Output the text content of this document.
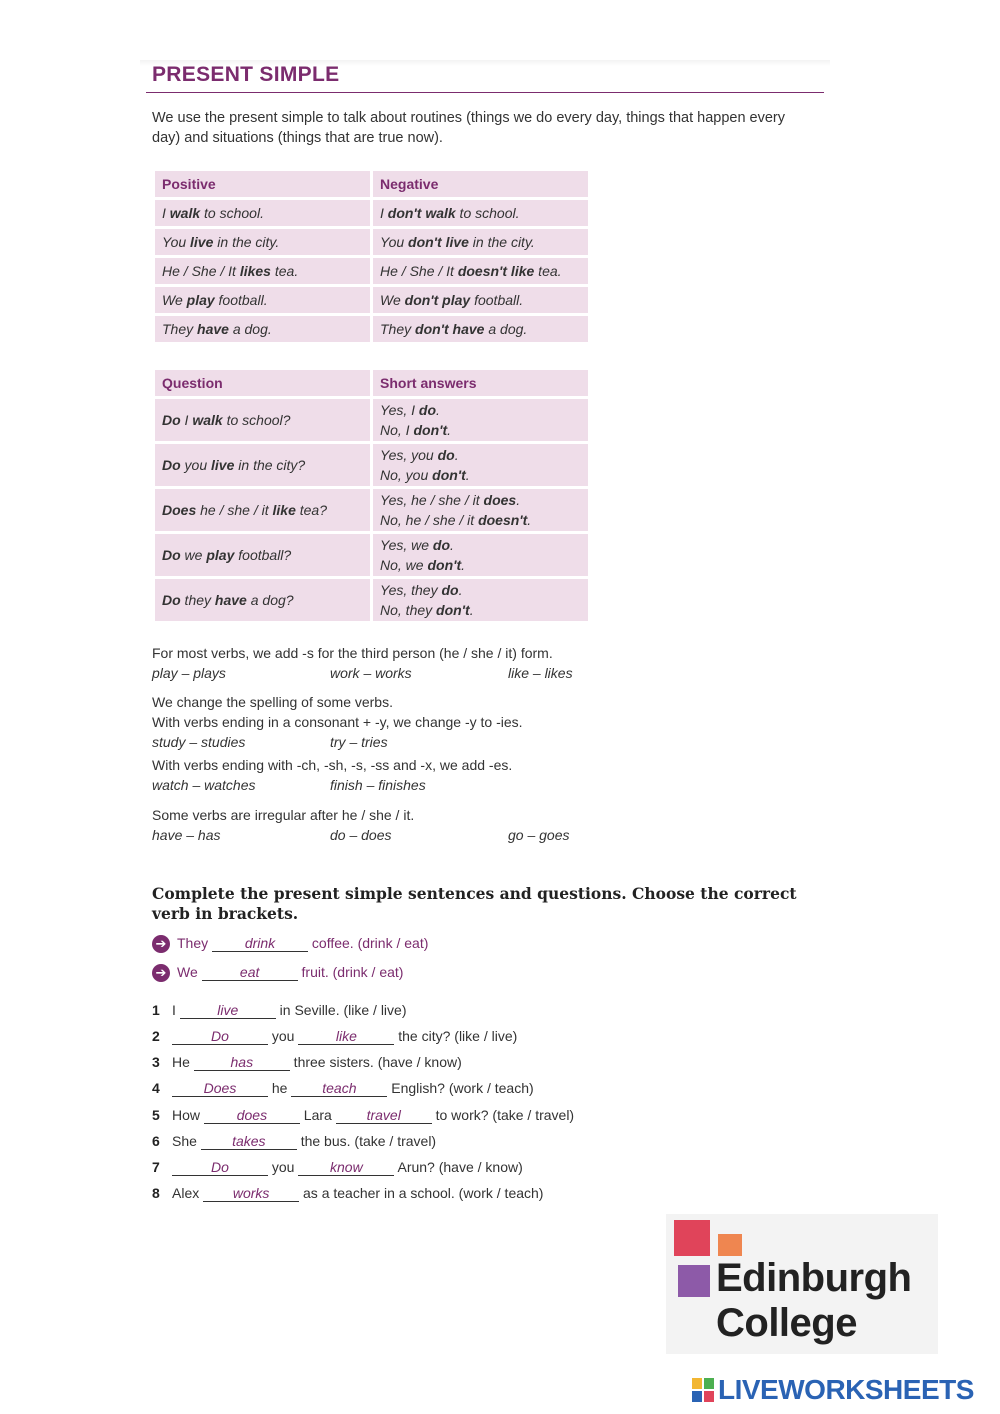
PRESENT SIMPLE
We use the present simple to talk about routines (things we do every day, things that happen every day) and situations (things that are true now).
Positive	Negative
I walk to school.	I don't walk to school.
You live in the city.	You don't live in the city.
He / She / It likes tea.	He / She / It doesn't like tea.
We play football.	We don't play football.
They have a dog.	They don't have a dog.
Question	Short answers
Do I walk to school?	Yes, I do.
No, I don't.

Do you live in the city?	Yes, you do.
No, you don't.

Does he / she / it like tea?	Yes, he / she / it does.
No, he / she / it doesn't.

Do we play football?	Yes, we do.
No, we don't.

Do they have a dog?	Yes, they do.
No, they don't.
For most verbs, we add -s for the third person (he / she / it) form.
play – plays	work – works	like – likes
We change the spelling of some verbs.
With verbs ending in a consonant + -y, we change -y to -ies.
study – studies	try – tries
With verbs ending with -ch, -sh, -s, -ss and -x, we add -es.
watch – watches	finish – finishes
Some verbs are irregular after he / she / it.
have – has	do – does	go – goes
Complete the present simple sentences and questions. Choose the correct verb in brackets.
➔ They drink coffee. (drink / eat)
➔ We	eat	fruit. (drink / eat)
1 I	live	in Seville. (like / live)
2	Do	you	like	the city? (like / live)
3 He	has	three sisters. (have / know)
4	Does he teach English? (work / teach)
5 How does Lara travel to work? (take / travel)
6 She takes the bus. (take / travel)
7	Do	you know Arun? (have / know)
8 Alex works as a teacher in a school. (work / teach)
Edinburgh
College
LIVEWORKSHEETS
